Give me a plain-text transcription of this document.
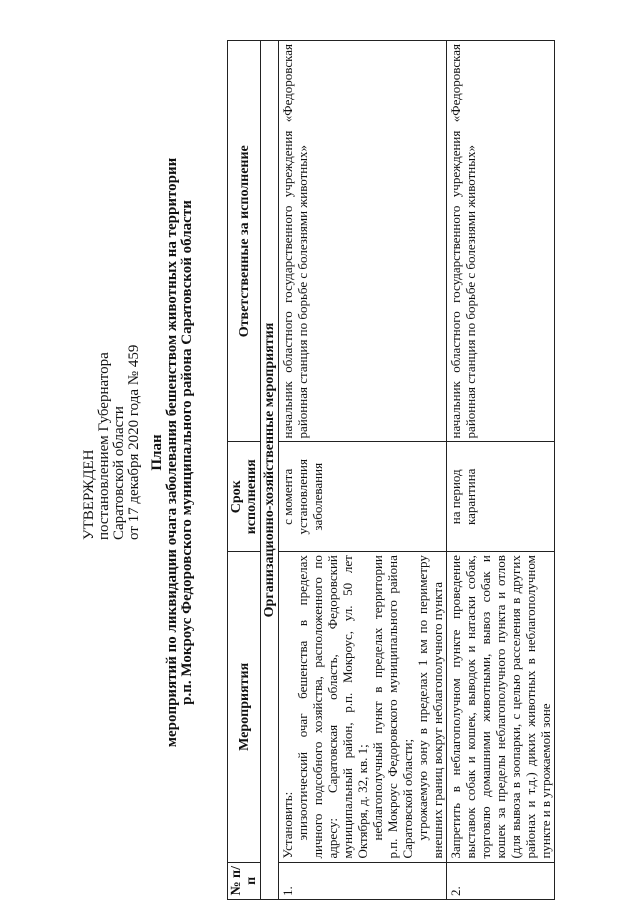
УТВЕРЖДЕН постановлением Губернатора Саратовской области от 17 декабря 2020 года № 459 План мероприятий по ликвидации очага заболевания бешенством животных на территории р.п. Мокроус Федоровского муниципального района Саратовской области
№ п/п	Мероприятия	Срок исполнения	Ответственные за исполнение
Организационно-хозяйственные мероприятия			
1.	Установить: эпизоотический очаг бешенства в пределах личного подсобного хозяйства, расположенного по адресу: Саратовская область, Федоровский муниципальный район, р.п. Мокроус, ул. 50 лет Октября, д. 32, кв. 1; неблагополучный пункт в пределах территории р.п. Мокроус Федоровского муниципального района Саратовской области; угрожаемую зону в пределах 1 км по периметру внешних границ вокруг неблагополучного пункта	с момента установления заболевания	начальник областного государственного учреждения «Федоровская районная станция по борьбе с болезнями животных»
2.	Запретить в неблагополучном пункте проведение выставок собак и кошек, выводок и натаски собак, торговлю домашними животными, вывоз собак и кошек за пределы неблагополучного пункта и отлов (для вывоза в зоопарки, с целью расселения в других районах и т.д.) диких животных в неблагополучном пункте и в угрожаемой зоне	на период карантина	начальник областного государственного учреждения «Федоровская районная станция по борьбе с болезнями животных»
